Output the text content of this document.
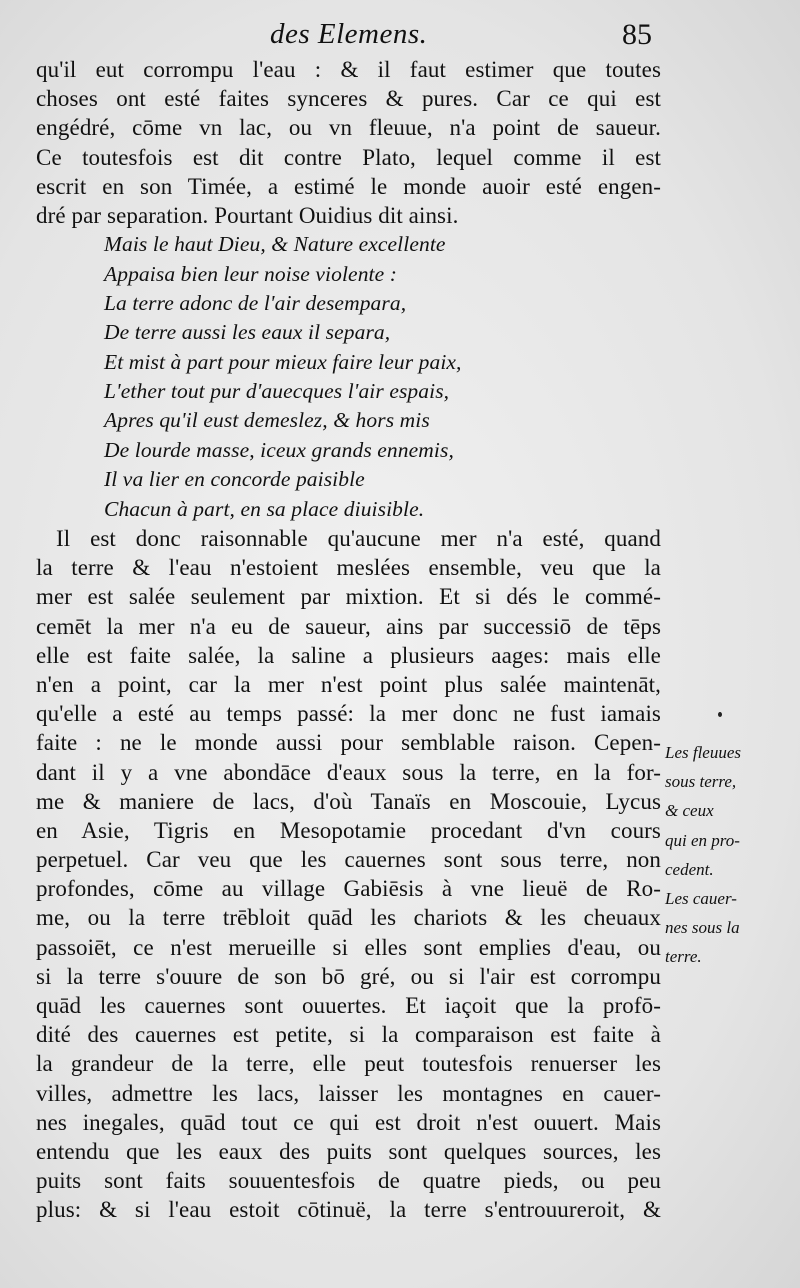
des Elemens.	85
qu'il eut corrompu l'eau : & il faut estimer que toutes
choses ont esté faites synceres & pures. Car ce qui est
engédré, cōme vn lac, ou vn fleuue, n'a point de saueur.
Ce toutesfois est dit contre Plato, lequel comme il est
escrit en son Timée, a estimé le monde auoir esté engen-
dré par separation. Pourtant Ouidius dit ainsi.
Mais le haut Dieu, & Nature excellente
Appaisa bien leur noise violente :
La terre adonc de l'air desempara,
De terre aussi les eaux il separa,
Et mist à part pour mieux faire leur paix,
L'ether tout pur d'auecques l'air espais,
Apres qu'il eust demeslez, & hors mis
De lourde masse, iceux grands ennemis,
Il va lier en concorde paisible
Chacun à part, en sa place diuisible.
Il est donc raisonnable qu'aucune mer n'a esté, quand
la terre & l'eau n'estoient meslées ensemble, veu que la
mer est salée seulement par mixtion. Et si dés le commé-
cemēt la mer n'a eu de saueur, ains par successiō de tēps
elle est faite salée, la saline a plusieurs aages: mais elle
n'en a point, car la mer n'est point plus salée maintenāt,
qu'elle a esté au temps passé: la mer donc ne fust iamais
faite : ne le monde aussi pour semblable raison. Cepen-
dant il y a vne abondāce d'eaux sous la terre, en la for-
me & maniere de lacs, d'où Tanaïs en Moscouie, Lycus
en Asie, Tigris en Mesopotamie procedant d'vn cours
perpetuel. Car veu que les cauernes sont sous terre, non
profondes, cōme au village Gabiēsis à vne lieuë de Ro-
me, ou la terre trēbloit quād les chariots & les cheuaux
passoiēt, ce n'est merueille si elles sont emplies d'eau, ou
si la terre s'ouure de son bō gré, ou si l'air est corrompu
quād les cauernes sont ouuertes. Et iaçoit que la profō-
dité des cauernes est petite, si la comparaison est faite à
la grandeur de la terre, elle peut toutesfois renuerser les
villes, admettre les lacs, laisser les montagnes en cauer-
nes inegales, quād tout ce qui est droit n'est ouuert. Mais
entendu que les eaux des puits sont quelques sources, les
puits sont faits souuentesfois de quatre pieds, ou peu
plus: & si l'eau estoit cōtinuë, la terre s'entrouureroit, &
Les fleuues
sous terre,
& ceux
qui en pro-
cedent.
Les cauer-
nes sous la
terre.
